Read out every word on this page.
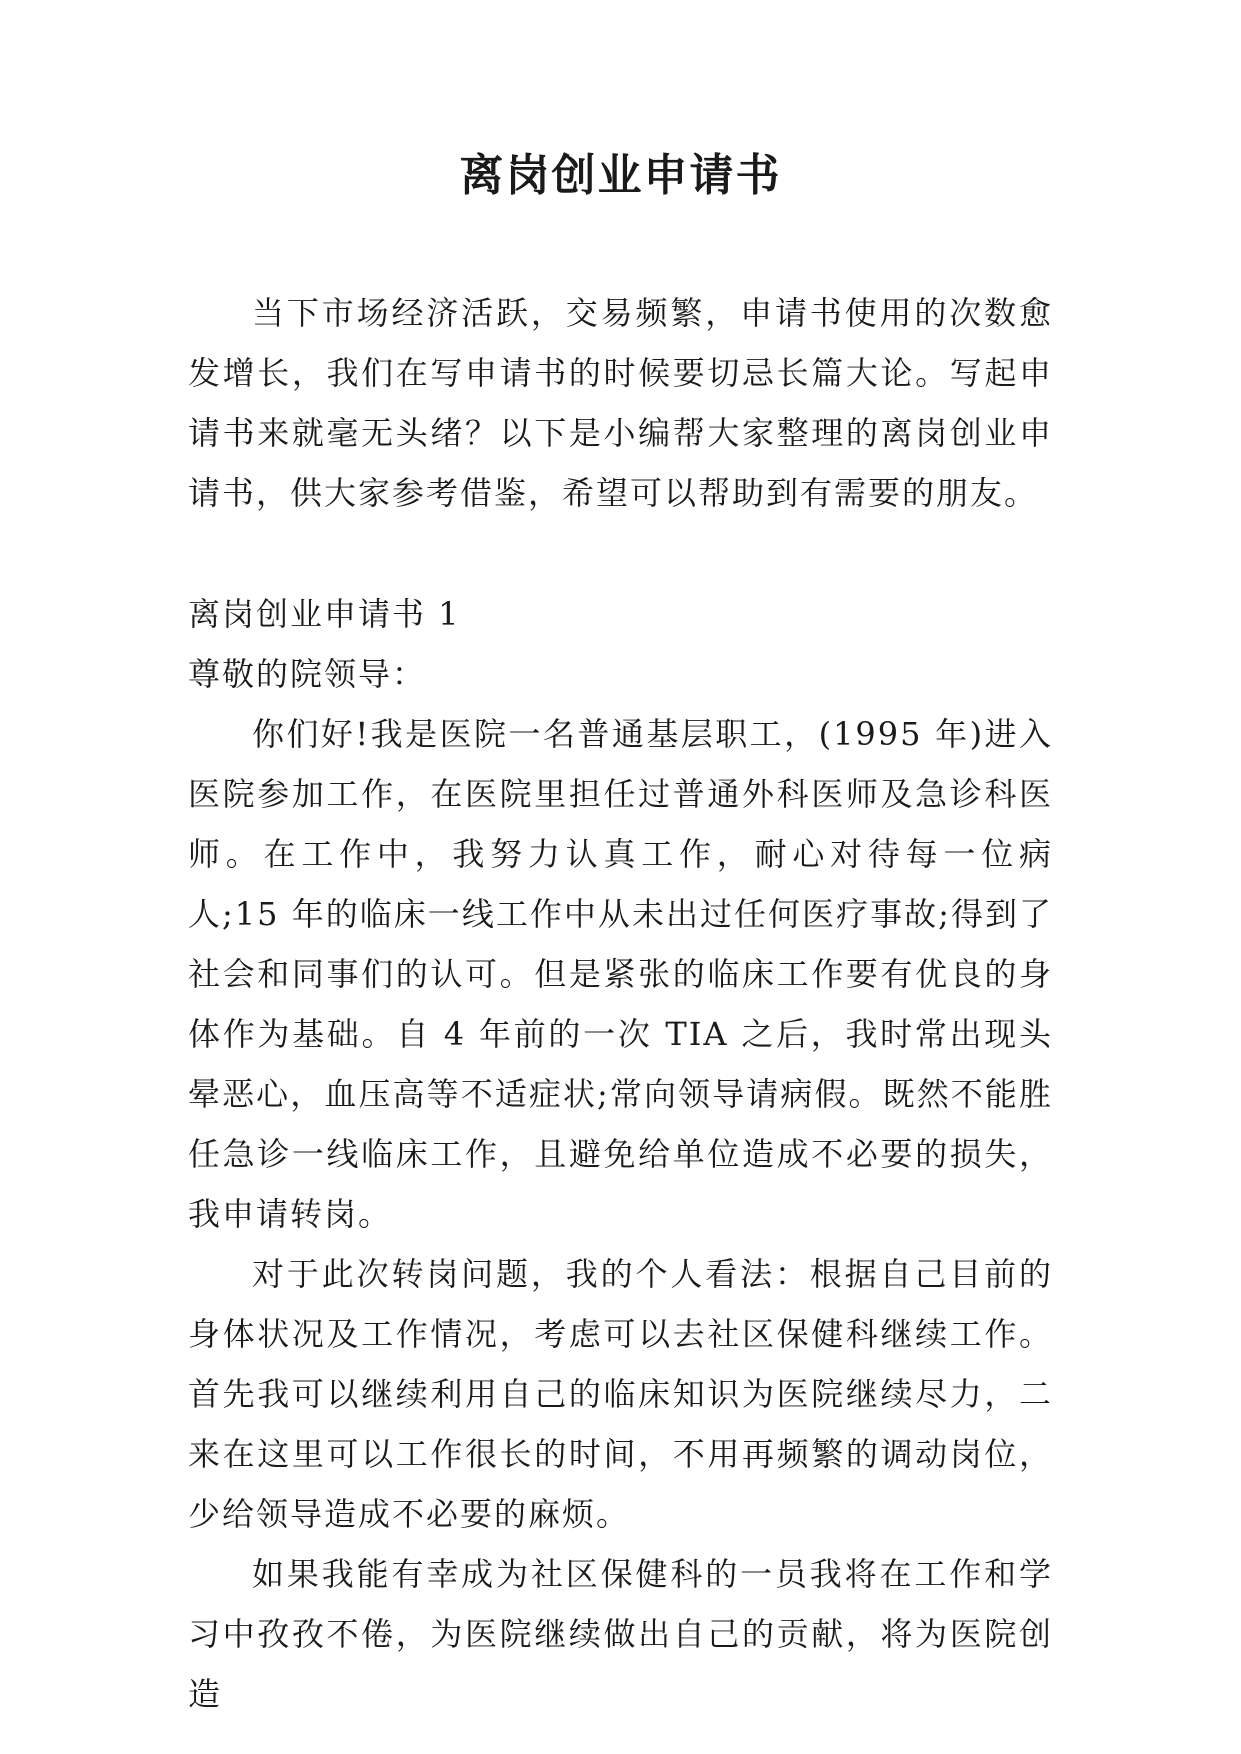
离岗创业申请书

当下市场经济活跃，交易频繁，申请书使用的次数愈发增长，我们在写申请书的时候要切忌长篇大论。写起申请书来就毫无头绪？以下是小编帮大家整理的离岗创业申请书，供大家参考借鉴，希望可以帮助到有需要的朋友。

离岗创业申请书 1

尊敬的院领导：

你们好!我是医院一名普通基层职工，(1995 年)进入医院参加工作，在医院里担任过普通外科医师及急诊科医师。在工作中，我努力认真工作，耐心对待每一位病人;15 年的临床一线工作中从未出过任何医疗事故;得到了社会和同事们的认可。但是紧张的临床工作要有优良的身体作为基础。自 4 年前的一次 TIA 之后，我时常出现头晕恶心，血压高等不适症状;常向领导请病假。既然不能胜任急诊一线临床工作，且避免给单位造成不必要的损失，我申请转岗。

对于此次转岗问题，我的个人看法：根据自己目前的身体状况及工作情况，考虑可以去社区保健科继续工作。首先我可以继续利用自己的临床知识为医院继续尽力，二来在这里可以工作很长的时间，不用再频繁的调动岗位，少给领导造成不必要的麻烦。

如果我能有幸成为社区保健科的一员我将在工作和学习中孜孜不倦，为医院继续做出自己的贡献，将为医院创造
